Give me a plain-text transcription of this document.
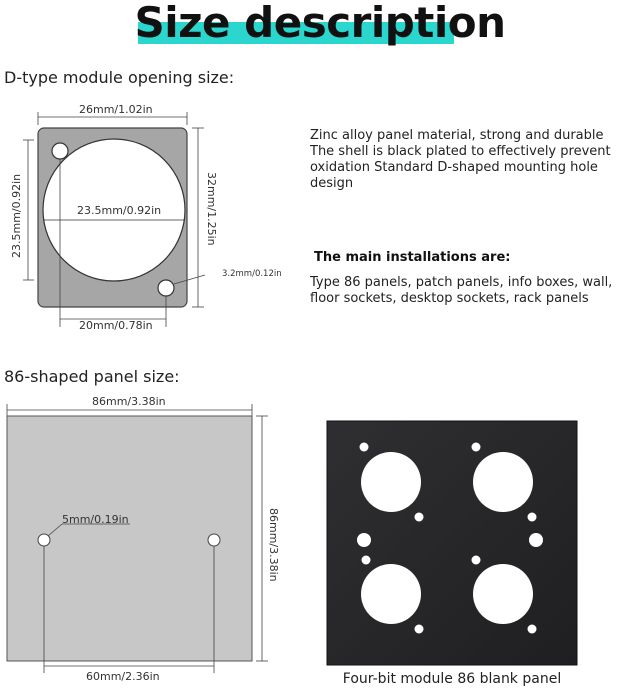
Size description
D-type module opening size:
26mm/1.02in
23.5mm/0.92in
23.5mm/0.92in	32mm/1.25in
3.2mm/0.12in
20mm/0.78in
Zinc alloy panel material, strong and durable
The shell is black plated to effectively prevent
oxidation Standard D-shaped mounting hole design
The main installations are:
Type 86 panels, patch panels, info boxes, wall,
floor sockets, desktop sockets, rack panels
86-shaped panel size:
86mm/3.38in
86mm/3.38in
5mm/0.19in
60mm/2.36in	Four-bit module 86 blank panel
